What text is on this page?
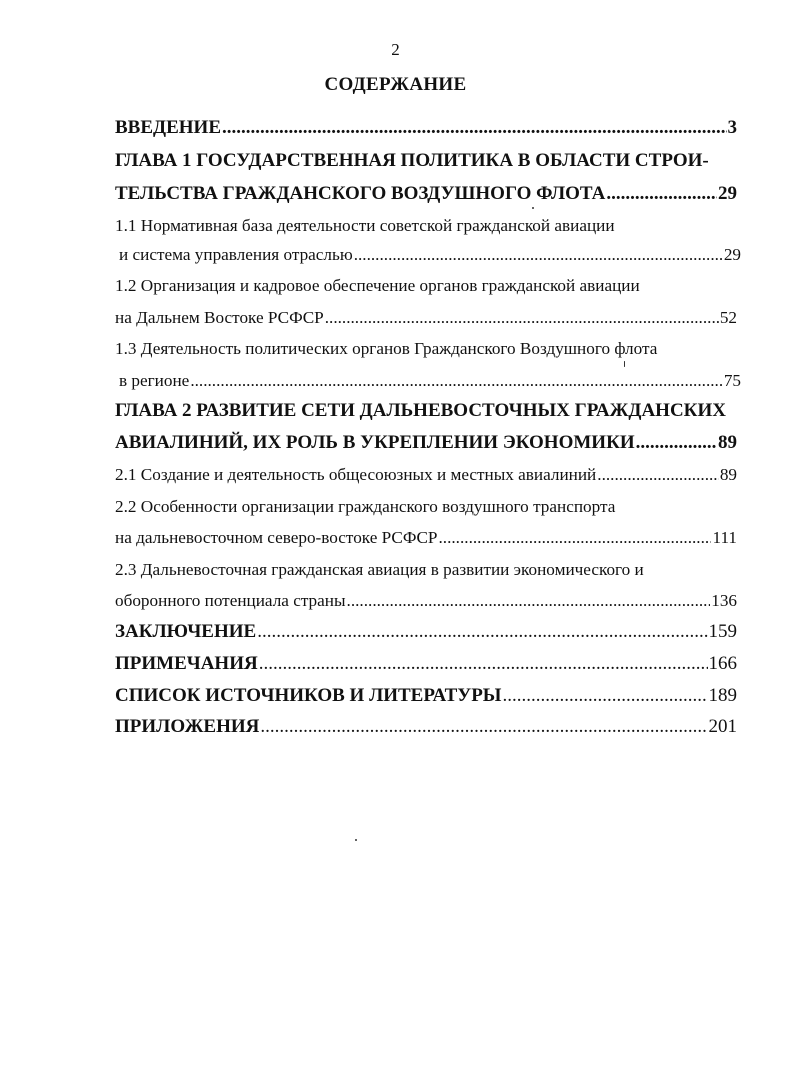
2
СОДЕРЖАНИЕ
ВВЕДЕНИЕ .....	3
ГЛАВА 1 ГОСУДАРСТВЕННАЯ ПОЛИТИКА В ОБЛАСТИ СТРОИ-
ТЕЛЬСТВА ГРАЖДАНСКОГО ВОЗДУШНОГО ФЛОТА .....	29
1.1 Нормативная база деятельности советской гражданской авиации
и система управления отраслью .....	29
1.2 Организация и кадровое обеспечение органов гражданской авиации
на Дальнем Востоке РСФСР .....	52
1.3 Деятельность политических органов Гражданского Воздушного флота
в регионе .....	75
ГЛАВА 2 РАЗВИТИЕ СЕТИ ДАЛЬНЕВОСТОЧНЫХ ГРАЖДАНСКИХ
АВИАЛИНИЙ, ИХ РОЛЬ В УКРЕПЛЕНИИ ЭКОНОМИКИ .....	89
2.1 Создание и деятельность общесоюзных и местных авиалиний .....	89
2.2 Особенности организации гражданского воздушного транспорта
на дальневосточном северо-востоке РСФСР .....	111
2.3 Дальневосточная гражданская авиация в развитии экономического и
оборонного потенциала страны .....	136
ЗАКЛЮЧЕНИЕ .....	159
ПРИМЕЧАНИЯ .....	166
СПИСОК ИСТОЧНИКОВ И ЛИТЕРАТУРЫ .....	189
ПРИЛОЖЕНИЯ .....	201
